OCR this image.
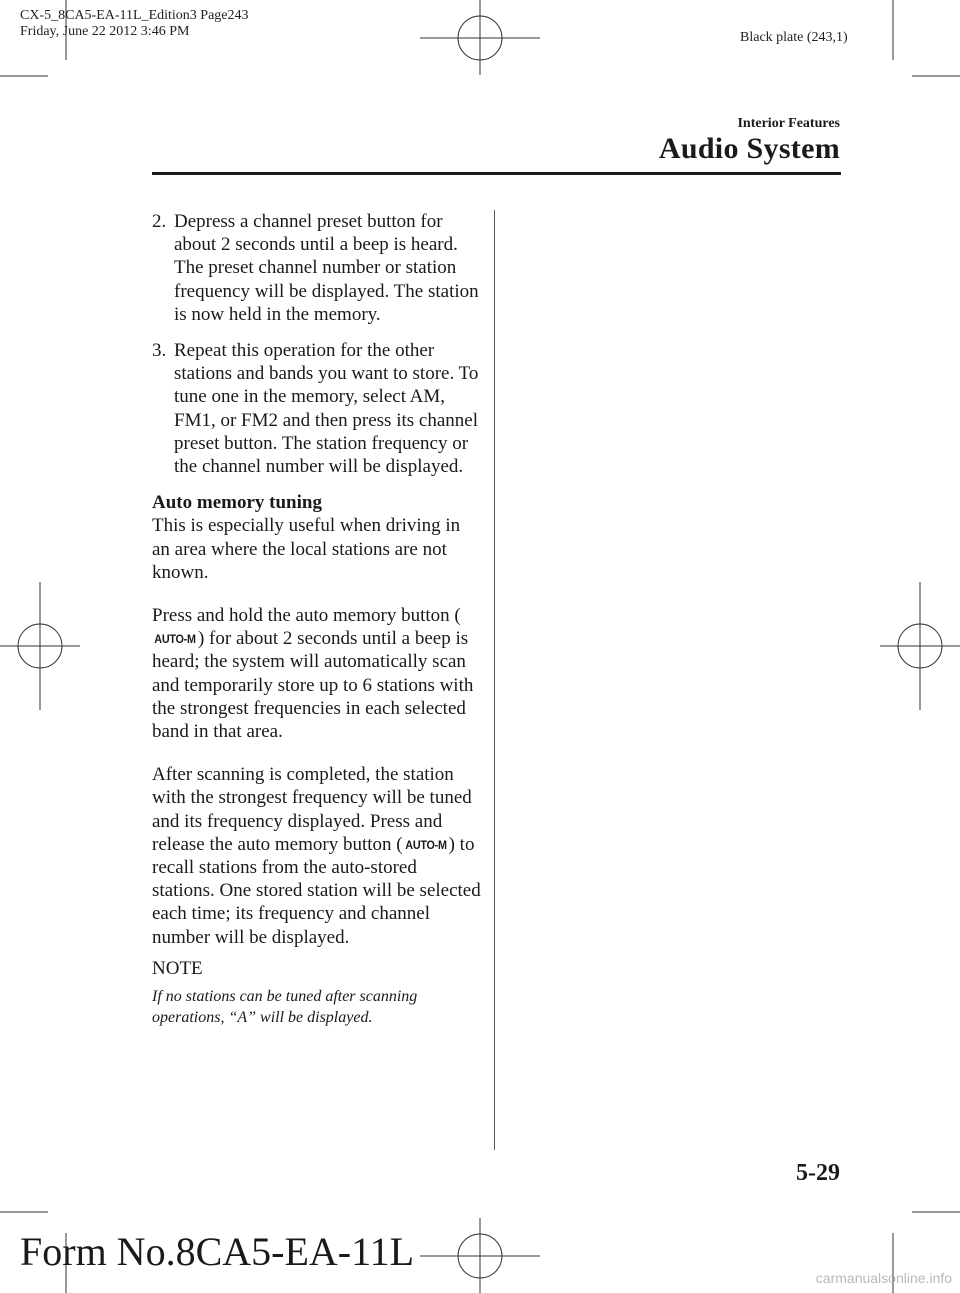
CX-5_8CA5-EA-11L_Edition3 Page243
Friday, June 22 2012 3:46 PM	Black plate (243,1)
Interior Features
Audio System
2. Depress a channel preset button for about 2 seconds until a beep is heard. The preset channel number or station frequency will be displayed. The station is now held in the memory.
3. Repeat this operation for the other stations and bands you want to store. To tune one in the memory, select AM, FM1, or FM2 and then press its channel preset button. The station frequency or the channel number will be displayed.

Auto memory tuning

This is especially useful when driving in an area where the local stations are not known.

Press and hold the auto memory button (AUTO-M ) for about 2 seconds until a beep is heard; the system will automatically scan and temporarily store up to 6 stations with the strongest frequencies in each selected band in that area.

After scanning is completed, the station with the strongest frequency will be tuned and its frequency displayed. Press and release the auto memory button ( AUTO-M ) to recall stations from the auto-stored stations. One stored station will be selected each time; its frequency and channel number will be displayed.

NOTE

If no stations can be tuned after scanning operations, “A” will be displayed.

5-29
Form No.8CA5-EA-11L
carmanualsonline.info
